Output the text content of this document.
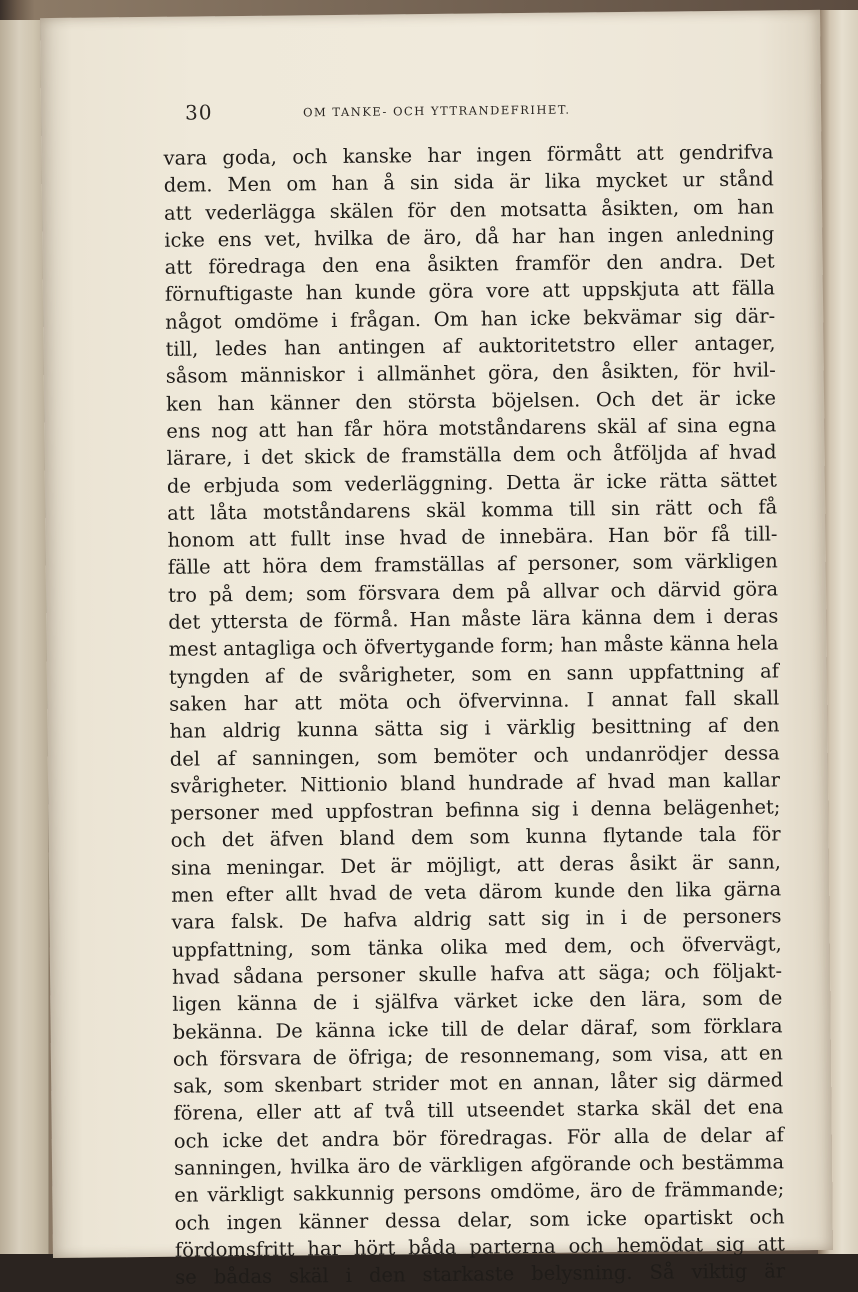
30	OM TANKE- OCH YTTRANDEFRIHET.
vara goda, och kanske har ingen förmått att gendrifva
dem. Men om han å sin sida är lika mycket ur stånd
att vederlägga skälen för den motsatta åsikten, om han
icke ens vet, hvilka de äro, då har han ingen anledning
att föredraga den ena åsikten framför den andra. Det
förnuftigaste han kunde göra vore att uppskjuta att fälla
något omdöme i frågan. Om han icke bekvämar sig där-
till, ledes han antingen af auktoritetstro eller antager,
såsom människor i allmänhet göra, den åsikten, för hvil-
ken han känner den största böjelsen. Och det är icke
ens nog att han får höra motståndarens skäl af sina egna
lärare, i det skick de framställa dem och åtföljda af hvad
de erbjuda som vederläggning. Detta är icke rätta sättet
att låta motståndarens skäl komma till sin rätt och få
honom att fullt inse hvad de innebära. Han bör få till-
fälle att höra dem framställas af personer, som värkligen
tro på dem; som försvara dem på allvar och därvid göra
det yttersta de förmå. Han måste lära känna dem i deras
mest antagliga och öfvertygande form; han måste känna hela
tyngden af de svårigheter, som en sann uppfattning af
saken har att möta och öfvervinna. I annat fall skall
han aldrig kunna sätta sig i värklig besittning af den
del af sanningen, som bemöter och undanrödjer dessa
svårigheter. Nittionio bland hundrade af hvad man kallar
personer med uppfostran befinna sig i denna belägenhet;
och det äfven bland dem som kunna flytande tala för
sina meningar. Det är möjligt, att deras åsikt är sann,
men efter allt hvad de veta därom kunde den lika gärna
vara falsk. De hafva aldrig satt sig in i de personers
uppfattning, som tänka olika med dem, och öfvervägt,
hvad sådana personer skulle hafva att säga; och följakt-
ligen känna de i själfva värket icke den lära, som de
bekänna. De känna icke till de delar däraf, som förklara
och försvara de öfriga; de resonnemang, som visa, att en
sak, som skenbart strider mot en annan, låter sig därmed
förena, eller att af två till utseendet starka skäl det ena
och icke det andra bör föredragas. För alla de delar af
sanningen, hvilka äro de värkligen afgörande och bestämma
en värkligt sakkunnig persons omdöme, äro de främmande;
och ingen känner dessa delar, som icke opartiskt och
fördomsfritt har hört båda parterna och hemödat sig att
se bådas skäl i den starkaste belysning. Så viktig är
